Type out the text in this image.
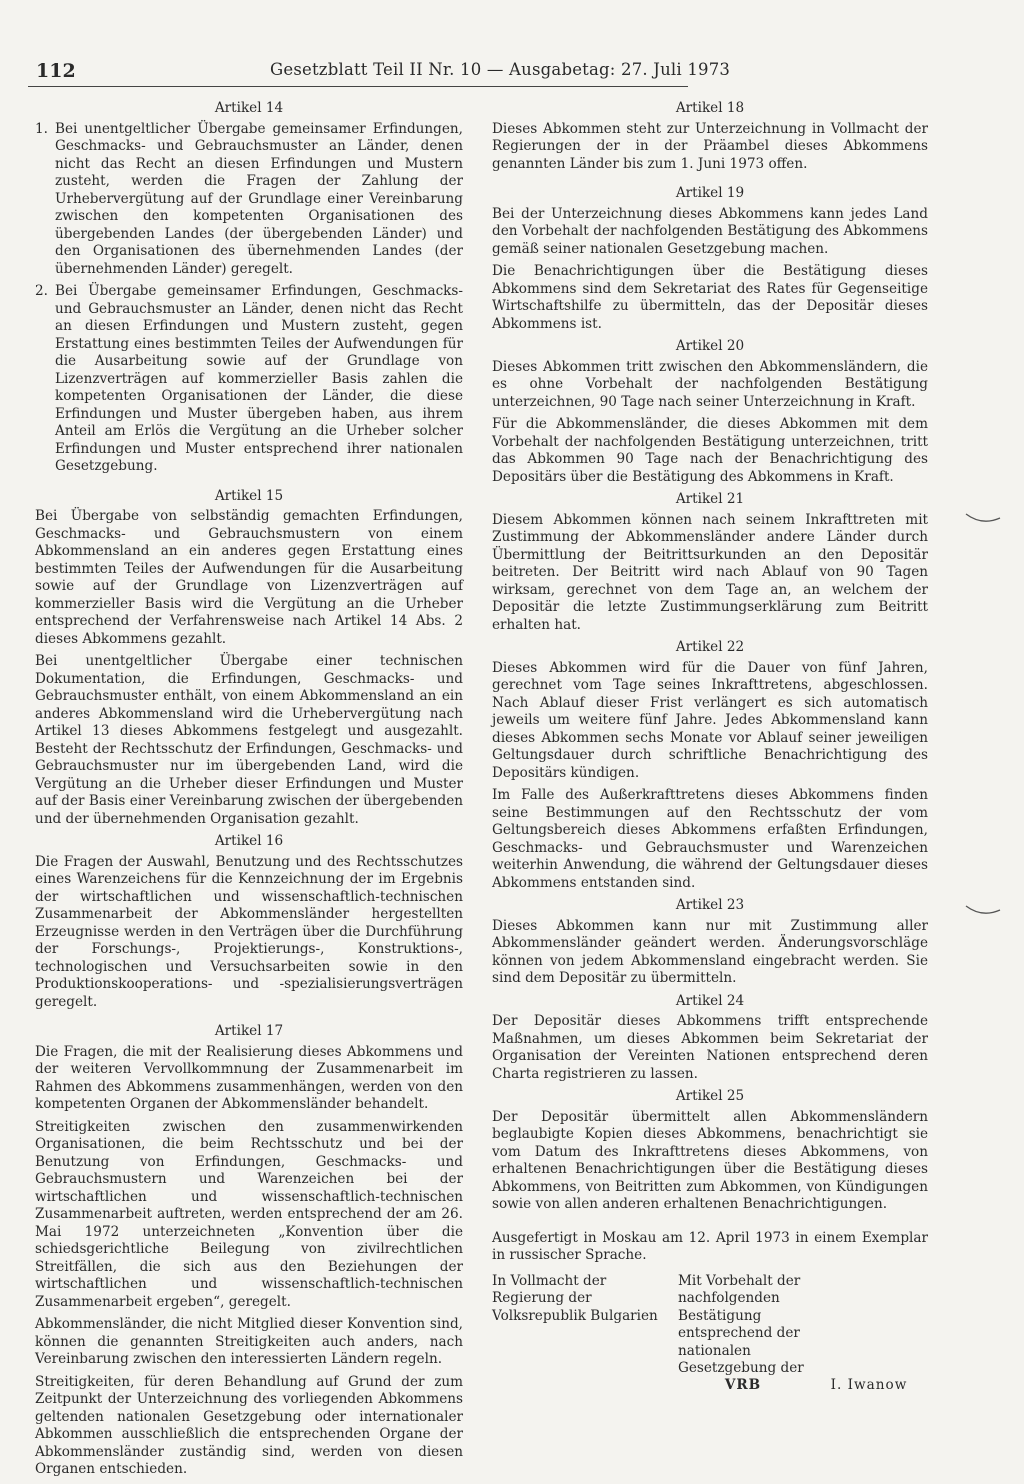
112	Gesetzblatt Teil II Nr. 10 — Ausgabetag: 27. Juli 1973
Artikel 14
1. Bei unentgeltlicher Übergabe gemeinsamer Erfindungen, Geschmacks- und Gebrauchsmuster an Länder, denen nicht das Recht an diesen Erfindungen und Mustern zusteht, werden die Fragen der Zahlung der Urhebervergütung auf der Grundlage einer Vereinbarung zwischen den kompetenten Organisationen des übergebenden Landes (der übergebenden Länder) und den Organisationen des übernehmenden Landes (der übernehmenden Länder) geregelt.
2. Bei Übergabe gemeinsamer Erfindungen, Geschmacks- und Gebrauchsmuster an Länder, denen nicht das Recht an diesen Erfindungen und Mustern zusteht, gegen Erstattung eines bestimmten Teiles der Aufwendungen für die Ausarbeitung sowie auf der Grundlage von Lizenzverträgen auf kommerzieller Basis zahlen die kompetenten Organisationen der Länder, die diese Erfindungen und Muster übergeben haben, aus ihrem Anteil am Erlös die Vergütung an die Urheber solcher Erfindungen und Muster entsprechend ihrer nationalen Gesetzgebung.
Artikel 15

Bei Übergabe von selbständig gemachten Erfindungen, Geschmacks- und Gebrauchsmustern von einem Abkommensland an ein anderes gegen Erstattung eines bestimmten Teiles der Aufwendungen für die Ausarbeitung sowie auf der Grundlage von Lizenzverträgen auf kommerzieller Basis wird die Vergütung an die Urheber entsprechend der Verfahrensweise nach Artikel 14 Abs. 2 dieses Abkommens gezahlt.

Bei unentgeltlicher Übergabe einer technischen Dokumentation, die Erfindungen, Geschmacks- und Gebrauchsmuster enthält, von einem Abkommensland an ein anderes Abkommensland wird die Urhebervergütung nach Artikel 13 dieses Abkommens festgelegt und ausgezahlt. Besteht der Rechtsschutz der Erfindungen, Geschmacks- und Gebrauchsmuster nur im übergebenden Land, wird die Vergütung an die Urheber dieser Erfindungen und Muster auf der Basis einer Vereinbarung zwischen der übergebenden und der übernehmenden Organisation gezahlt.

Artikel 16

Die Fragen der Auswahl, Benutzung und des Rechtsschutzes eines Warenzeichens für die Kennzeichnung der im Ergebnis der wirtschaftlichen und wissenschaftlich-technischen Zusammenarbeit der Abkommensländer hergestellten Erzeugnisse werden in den Verträgen über die Durchführung der Forschungs-, Projektierungs-, Konstruktions-, technologischen und Versuchsarbeiten sowie in den Produktionskooperations- und -spezialisierungsverträgen geregelt.

Artikel 17

Die Fragen, die mit der Realisierung dieses Abkommens und der weiteren Vervollkommnung der Zusammenarbeit im Rahmen des Abkommens zusammenhängen, werden von den kompetenten Organen der Abkommensländer behandelt.

Streitigkeiten zwischen den zusammenwirkenden Organisationen, die beim Rechtsschutz und bei der Benutzung von Erfindungen, Geschmacks- und Gebrauchsmustern und Warenzeichen bei der wirtschaftlichen und wissenschaftlich-technischen Zusammenarbeit auftreten, werden entsprechend der am 26. Mai 1972 unterzeichneten „Konvention über die schiedsgerichtliche Beilegung von zivilrechtlichen Streitfällen, die sich aus den Beziehungen der wirtschaftlichen und wissenschaftlich-technischen Zusammenarbeit ergeben“, geregelt.

Abkommensländer, die nicht Mitglied dieser Konvention sind, können die genannten Streitigkeiten auch anders, nach Vereinbarung zwischen den interessierten Ländern regeln.

Streitigkeiten, für deren Behandlung auf Grund der zum Zeitpunkt der Unterzeichnung des vorliegenden Abkommens geltenden nationalen Gesetzgebung oder internationaler Abkommen ausschließlich die entsprechenden Organe der Abkommensländer zuständig sind, werden von diesen Organen entschieden.

Artikel 18

Dieses Abkommen steht zur Unterzeichnung in Vollmacht der Regierungen der in der Präambel dieses Abkommens genannten Länder bis zum 1. Juni 1973 offen.

Artikel 19

Bei der Unterzeichnung dieses Abkommens kann jedes Land den Vorbehalt der nachfolgenden Bestätigung des Abkommens gemäß seiner nationalen Gesetzgebung machen.

Die Benachrichtigungen über die Bestätigung dieses Abkommens sind dem Sekretariat des Rates für Gegenseitige Wirtschaftshilfe zu übermitteln, das der Depositär dieses Abkommens ist.

Artikel 20

Dieses Abkommen tritt zwischen den Abkommensländern, die es ohne Vorbehalt der nachfolgenden Bestätigung unterzeichnen, 90 Tage nach seiner Unterzeichnung in Kraft.

Für die Abkommensländer, die dieses Abkommen mit dem Vorbehalt der nachfolgenden Bestätigung unterzeichnen, tritt das Abkommen 90 Tage nach der Benachrichtigung des Depositärs über die Bestätigung des Abkommens in Kraft.

Artikel 21

Diesem Abkommen können nach seinem Inkrafttreten mit Zustimmung der Abkommensländer andere Länder durch Übermittlung der Beitrittsurkunden an den Depositär beitreten. Der Beitritt wird nach Ablauf von 90 Tagen wirksam, gerechnet von dem Tage an, an welchem der Depositär die letzte Zustimmungserklärung zum Beitritt erhalten hat.

Artikel 22

Dieses Abkommen wird für die Dauer von fünf Jahren, gerechnet vom Tage seines Inkrafttretens, abgeschlossen. Nach Ablauf dieser Frist verlängert es sich automatisch jeweils um weitere fünf Jahre. Jedes Abkommensland kann dieses Abkommen sechs Monate vor Ablauf seiner jeweiligen Geltungsdauer durch schriftliche Benachrichtigung des Depositärs kündigen.

Im Falle des Außerkrafttretens dieses Abkommens finden seine Bestimmungen auf den Rechtsschutz der vom Geltungsbereich dieses Abkommens erfaßten Erfindungen, Geschmacks- und Gebrauchsmuster und Warenzeichen weiterhin Anwendung, die während der Geltungsdauer dieses Abkommens entstanden sind.

Artikel 23

Dieses Abkommen kann nur mit Zustimmung aller Abkommensländer geändert werden. Änderungsvorschläge können von jedem Abkommensland eingebracht werden. Sie sind dem Depositär zu übermitteln.

Artikel 24

Der Depositär dieses Abkommens trifft entsprechende Maßnahmen, um dieses Abkommen beim Sekretariat der Organisation der Vereinten Nationen entsprechend deren Charta registrieren zu lassen.

Artikel 25

Der Depositär übermittelt allen Abkommensländern beglaubigte Kopien dieses Abkommens, benachrichtigt sie vom Datum des Inkrafttretens dieses Abkommens, von erhaltenen Benachrichtigungen über die Bestätigung dieses Abkommens, von Beitritten zum Abkommen, von Kündigungen sowie von allen anderen erhaltenen Benachrichtigungen.

Ausgefertigt in Moskau am 12. April 1973 in einem Exemplar in russischer Sprache.

In Vollmacht der Regierung der Volksrepublik Bulgarien
Mit Vorbehalt der nachfolgenden Bestätigung entsprechend der nationalen Gesetzgebung der
VRB	I. Iwanow
